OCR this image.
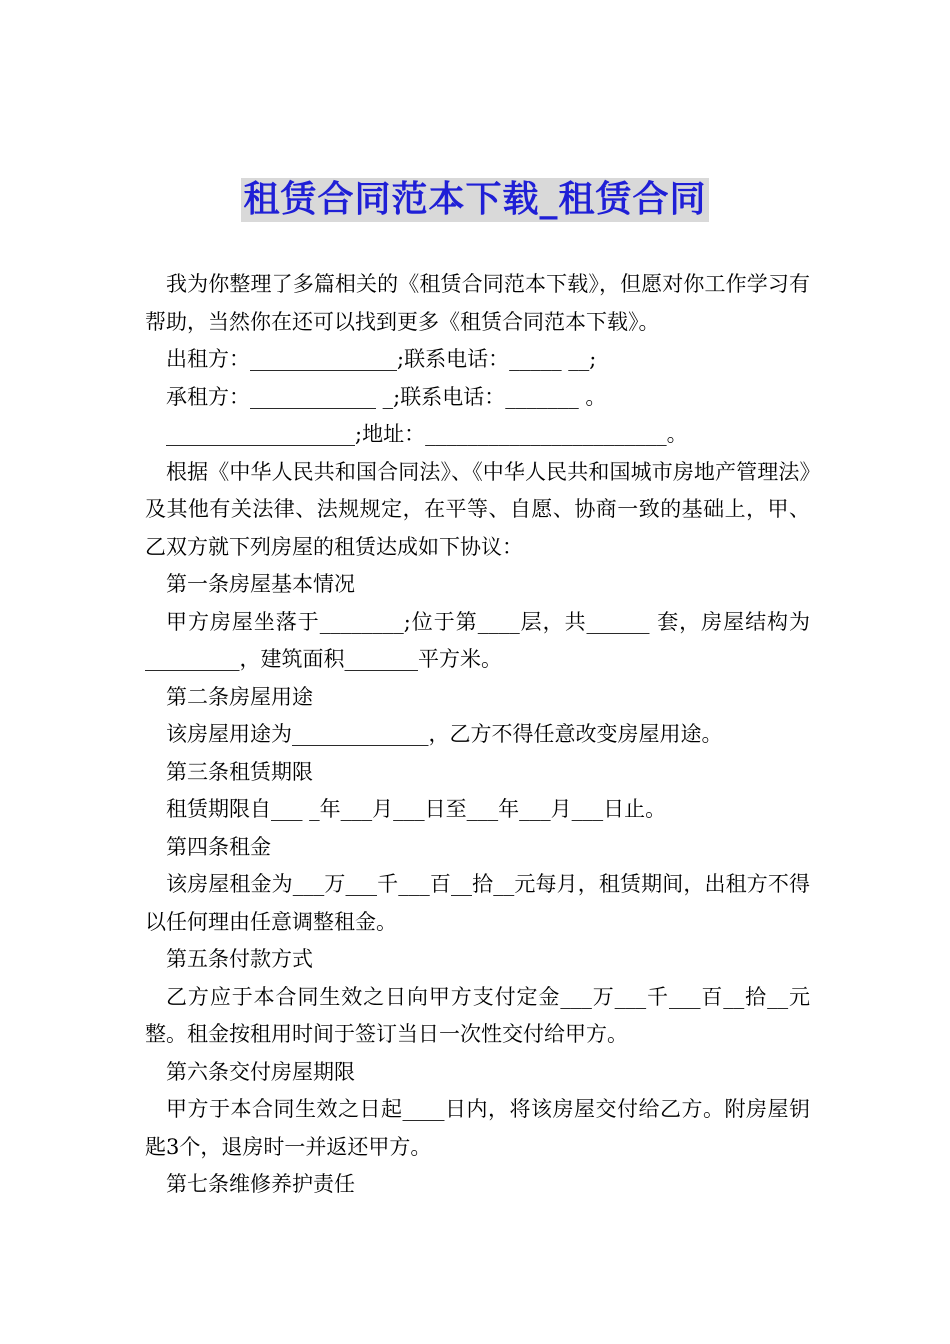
租赁合同范本下载_租赁合同

我为你整理了多篇相关的《租赁合同范本下载》，但愿对你工作学习有帮助，当然你在还可以找到更多《租赁合同范本下载》。

出租方：______________;联系电话：_____ __;

承租方：____________ _;联系电话：_______ 。

__________________;地址：_______________________。

根据《中华人民共和国合同法》、《中华人民共和国城市房地产管理法》及其他有关法律、法规规定，在平等、自愿、协商一致的基础上，甲、乙双方就下列房屋的租赁达成如下协议：

第一条房屋基本情况

甲方房屋坐落于________;位于第____层，共______ 套，房屋结构为_________，建筑面积_______平方米。

第二条房屋用途

该房屋用途为_____________，乙方不得任意改变房屋用途。

第三条租赁期限

租赁期限自___ _年___月___日至___年___月___日止。

第四条租金

该房屋租金为___万___千___百__拾__元每月，租赁期间，出租方不得以任何理由任意调整租金。

第五条付款方式

乙方应于本合同生效之日向甲方支付定金___万___千___百__拾__元整。租金按租用时间于签订当日一次性交付给甲方。

第六条交付房屋期限

甲方于本合同生效之日起____日内，将该房屋交付给乙方。附房屋钥匙3个，退房时一并返还甲方。

第七条维修养护责任
